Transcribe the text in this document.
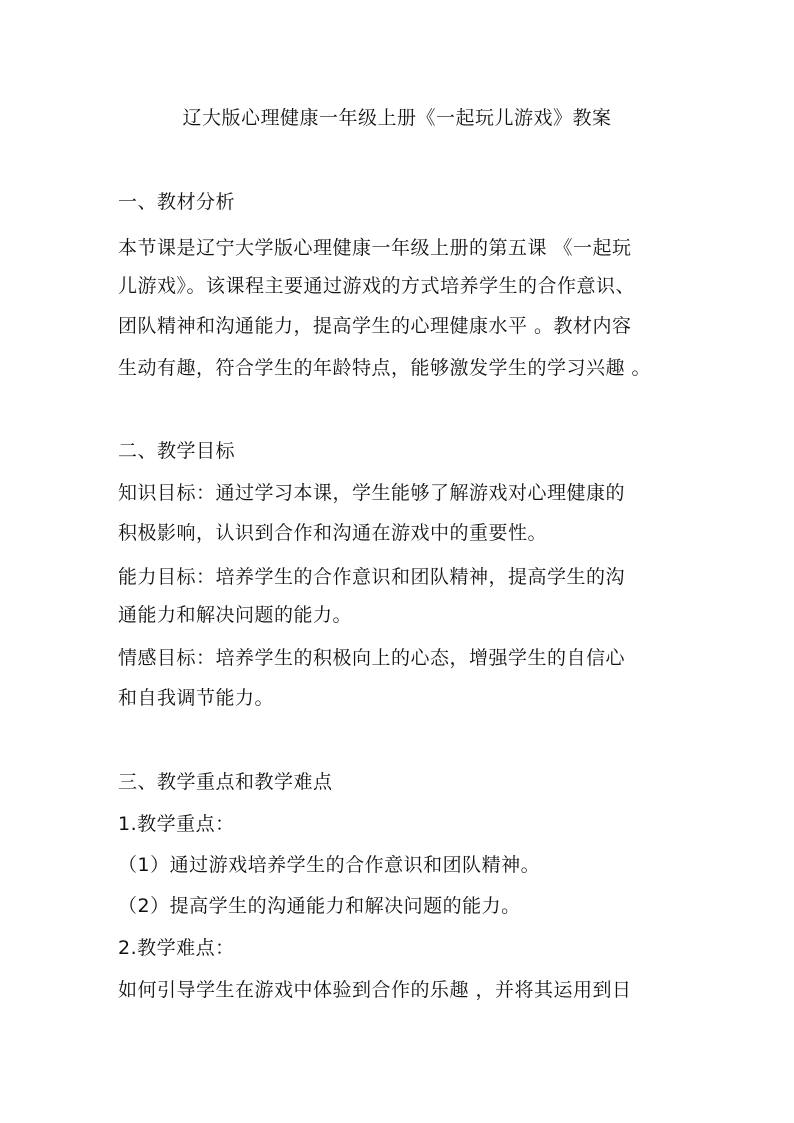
辽大版心理健康一年级上册《一起玩儿游戏》教案
一、教材分析
本节课是辽宁大学版心理健康一年级上册的第五课 《一起玩
儿游戏》。该课程主要通过游戏的方式培养学生的合作意识、
团队精神和沟通能力，提高学生的心理健康水平 。教材内容
生动有趣，符合学生的年龄特点，能够激发学生的学习兴趣 。
二、教学目标
知识目标：通过学习本课，学生能够了解游戏对心理健康的
积极影响，认识到合作和沟通在游戏中的重要性。
能力目标：培养学生的合作意识和团队精神，提高学生的沟
通能力和解决问题的能力。
情感目标：培养学生的积极向上的心态，增强学生的自信心
和自我调节能力。
三、教学重点和教学难点
1.教学重点：
（1）通过游戏培养学生的合作意识和团队精神。
（2）提高学生的沟通能力和解决问题的能力。
2.教学难点：
如何引导学生在游戏中体验到合作的乐趣 ，并将其运用到日
